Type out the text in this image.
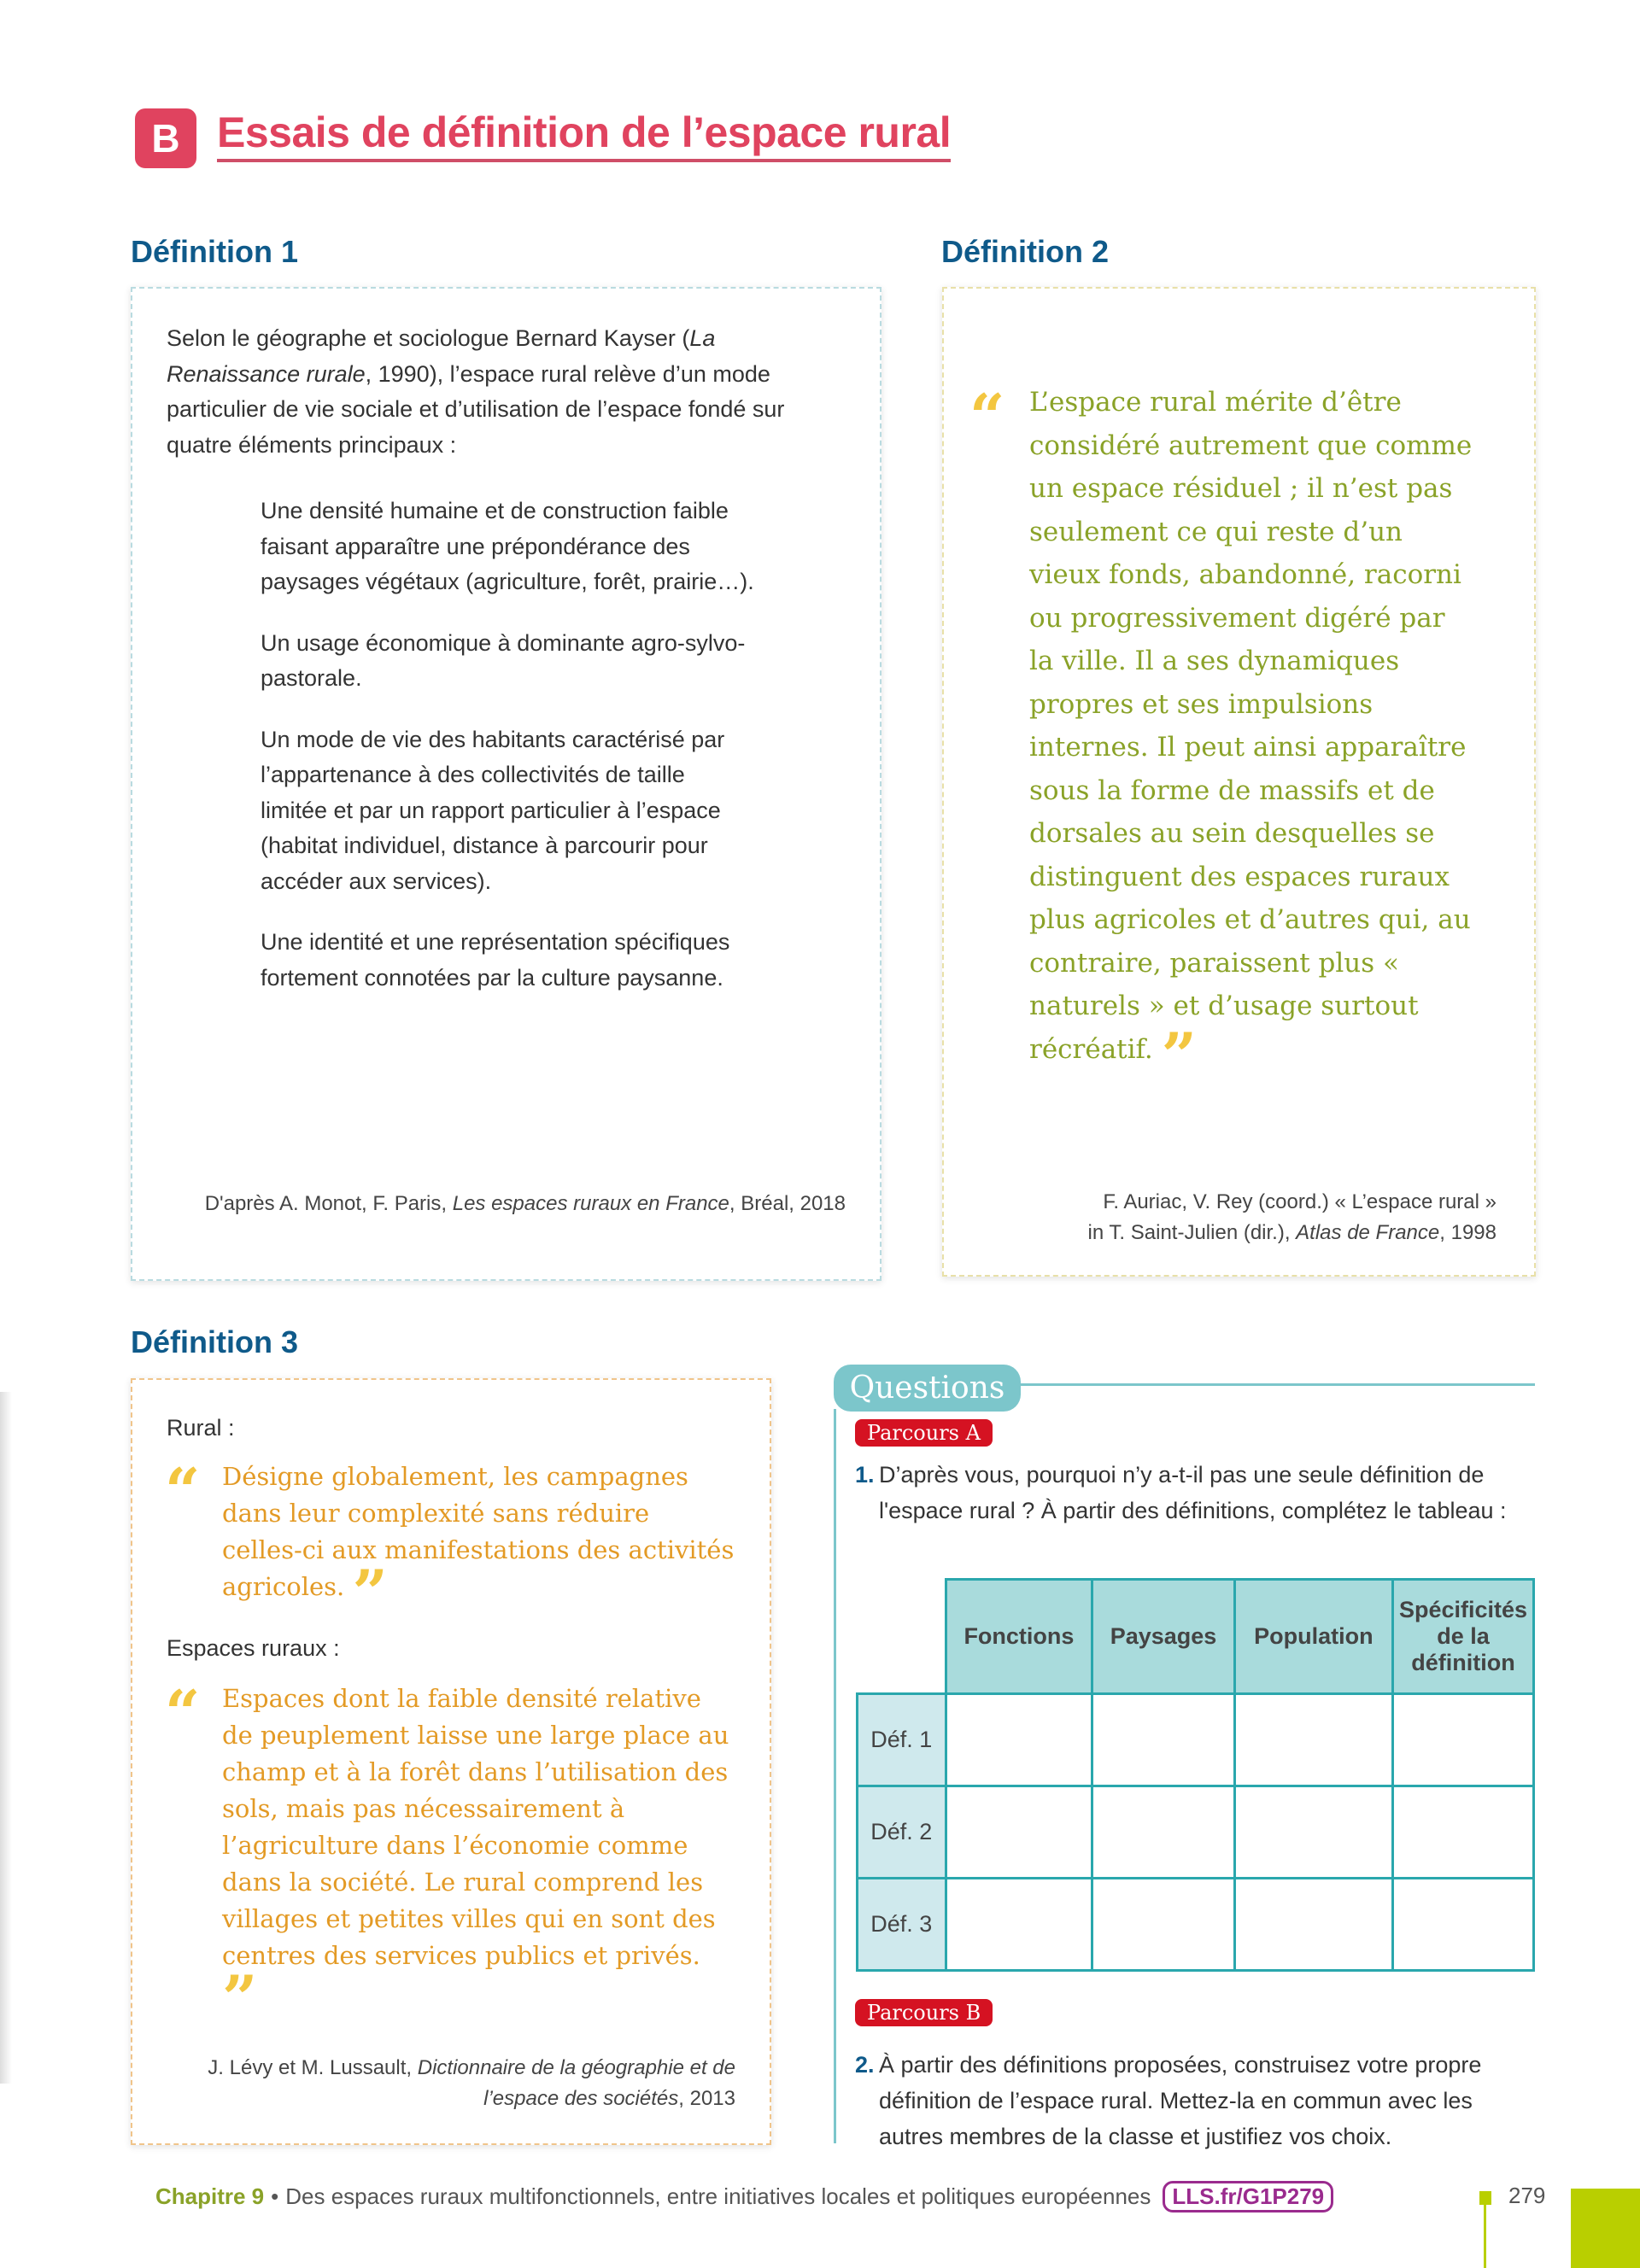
B Essais de définition de l’espace rural
Définition 1

Selon le géographe et sociologue Bernard Kayser (La Renaissance rurale, 1990), l’espace rural relève d’un mode particulier de vie sociale et d’utilisation de l’espace fondé sur quatre éléments principaux :

Une densité humaine et de construction faible faisant apparaître une prépondérance des paysages végétaux (agriculture, forêt, prairie…).

Un usage économique à dominante agro-sylvo-pastorale.

Un mode de vie des habitants caractérisé par l’appartenance à des collectivités de taille limitée et par un rapport particulier à l’espace (habitat individuel, distance à parcourir pour accéder aux services).

Une identité et une représentation spécifiques fortement connotées par la culture paysanne.

D'après A. Monot, F. Paris, Les espaces ruraux en France, Bréal, 2018
Définition 2
“ L’espace rural mérite d’être considéré autrement que comme un espace résiduel ; il n’est pas seulement ce qui reste d’un vieux fonds, abandonné, racorni ou progressivement digéré par la ville. Il a ses dynamiques propres et ses impulsions internes. Il peut ainsi apparaître sous la forme de massifs et de dorsales au sein desquelles se distinguent des espaces ruraux plus agricoles et d’autres qui, au contraire, paraissent plus « naturels » et d’usage surtout récréatif. ”
F. Auriac, V. Rey (coord.) « L’espace rural »
in T. Saint-Julien (dir.), Atlas de France, 1998
Définition 3
Rural :
“ Désigne globalement, les campagnes dans leur complexité sans réduire celles-ci aux manifestations des activités agricoles. ”
Espaces ruraux :
“ Espaces dont la faible densité relative de peuplement laisse une large place au champ et à la forêt dans l’utilisation des sols, mais pas nécessairement à l’agriculture dans l’économie comme dans la société. Le rural comprend les villages et petites villes qui en sont des centres des services publics et privés. ”
J. Lévy et M. Lussault, Dictionnaire de la géographie et de l’espace des sociétés, 2013
Questions
Parcours A
1. D’après vous, pourquoi n’y a-t-il pas une seule définition de l'espace rural ? À partir des définitions, complétez le tableau :
	Fonctions	Paysages	Population	Spécificités de la définition
Déf. 1				
Déf. 2				
Déf. 3				
Parcours B
2. À partir des définitions proposées, construisez votre propre définition de l’espace rural. Mettez-la en commun avec les autres membres de la classe et justifiez vos choix.
Chapitre 9 • Des espaces ruraux multifonctionnels, entre initiatives locales et politiques européennes LLS.fr/G1P279	279
